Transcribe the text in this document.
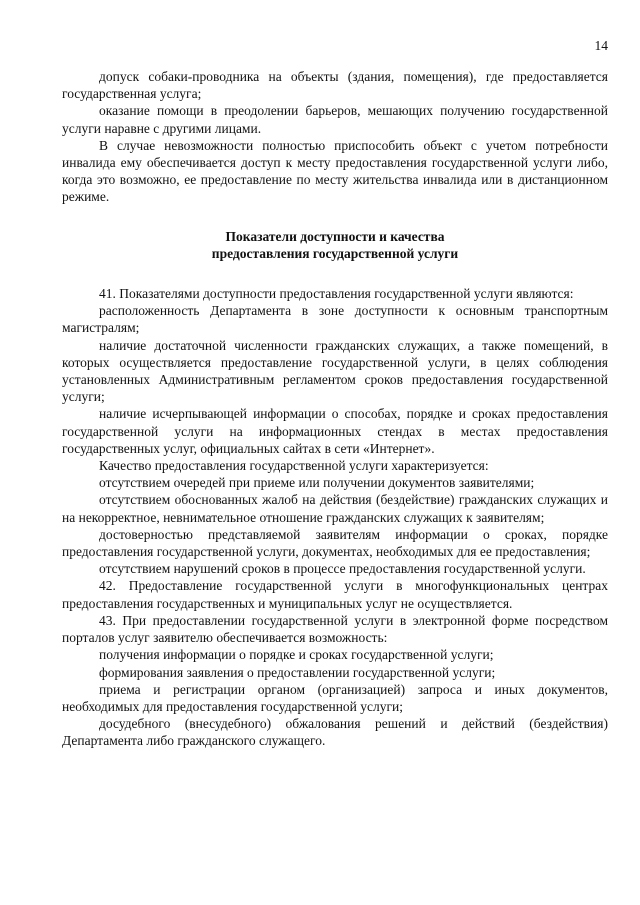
14

допуск собаки-проводника на объекты (здания, помещения), где предоставляется государственная услуга;

оказание помощи в преодолении барьеров, мешающих получению государственной услуги наравне с другими лицами.

В случае невозможности полностью приспособить объект с учетом потребности инвалида ему обеспечивается доступ к месту предоставления государственной услуги либо, когда это возможно, ее предоставление по месту жительства инвалида или в дистанционном режиме.

Показатели доступности и качества
предоставления государственной услуги

41. Показателями доступности предоставления государственной услуги являются:

расположенность Департамента в зоне доступности к основным транспортным магистралям;

наличие достаточной численности гражданских служащих, а также помещений, в которых осуществляется предоставление государственной услуги, в целях соблюдения установленных Административным регламентом сроков предоставления государственной услуги;

наличие исчерпывающей информации о способах, порядке и сроках предоставления государственной услуги на информационных стендах в местах предоставления государственных услуг, официальных сайтах в сети «Интернет».

Качество предоставления государственной услуги характеризуется:

отсутствием очередей при приеме или получении документов заявителями;

отсутствием обоснованных жалоб на действия (бездействие) гражданских служащих и на некорректное, невнимательное отношение гражданских служащих к заявителям;

достоверностью представляемой заявителям информации о сроках, порядке предоставления государственной услуги, документах, необходимых для ее предоставления;

отсутствием нарушений сроков в процессе предоставления государственной услуги.

42. Предоставление государственной услуги в многофункциональных центрах предоставления государственных и муниципальных услуг не осуществляется.

43. При предоставлении государственной услуги в электронной форме посредством порталов услуг заявителю обеспечивается возможность:

получения информации о порядке и сроках государственной услуги;

формирования заявления о предоставлении государственной услуги;

приема и регистрации органом (организацией) запроса и иных документов, необходимых для предоставления государственной услуги;

досудебного (внесудебного) обжалования решений и действий (бездействия) Департамента либо гражданского служащего.
